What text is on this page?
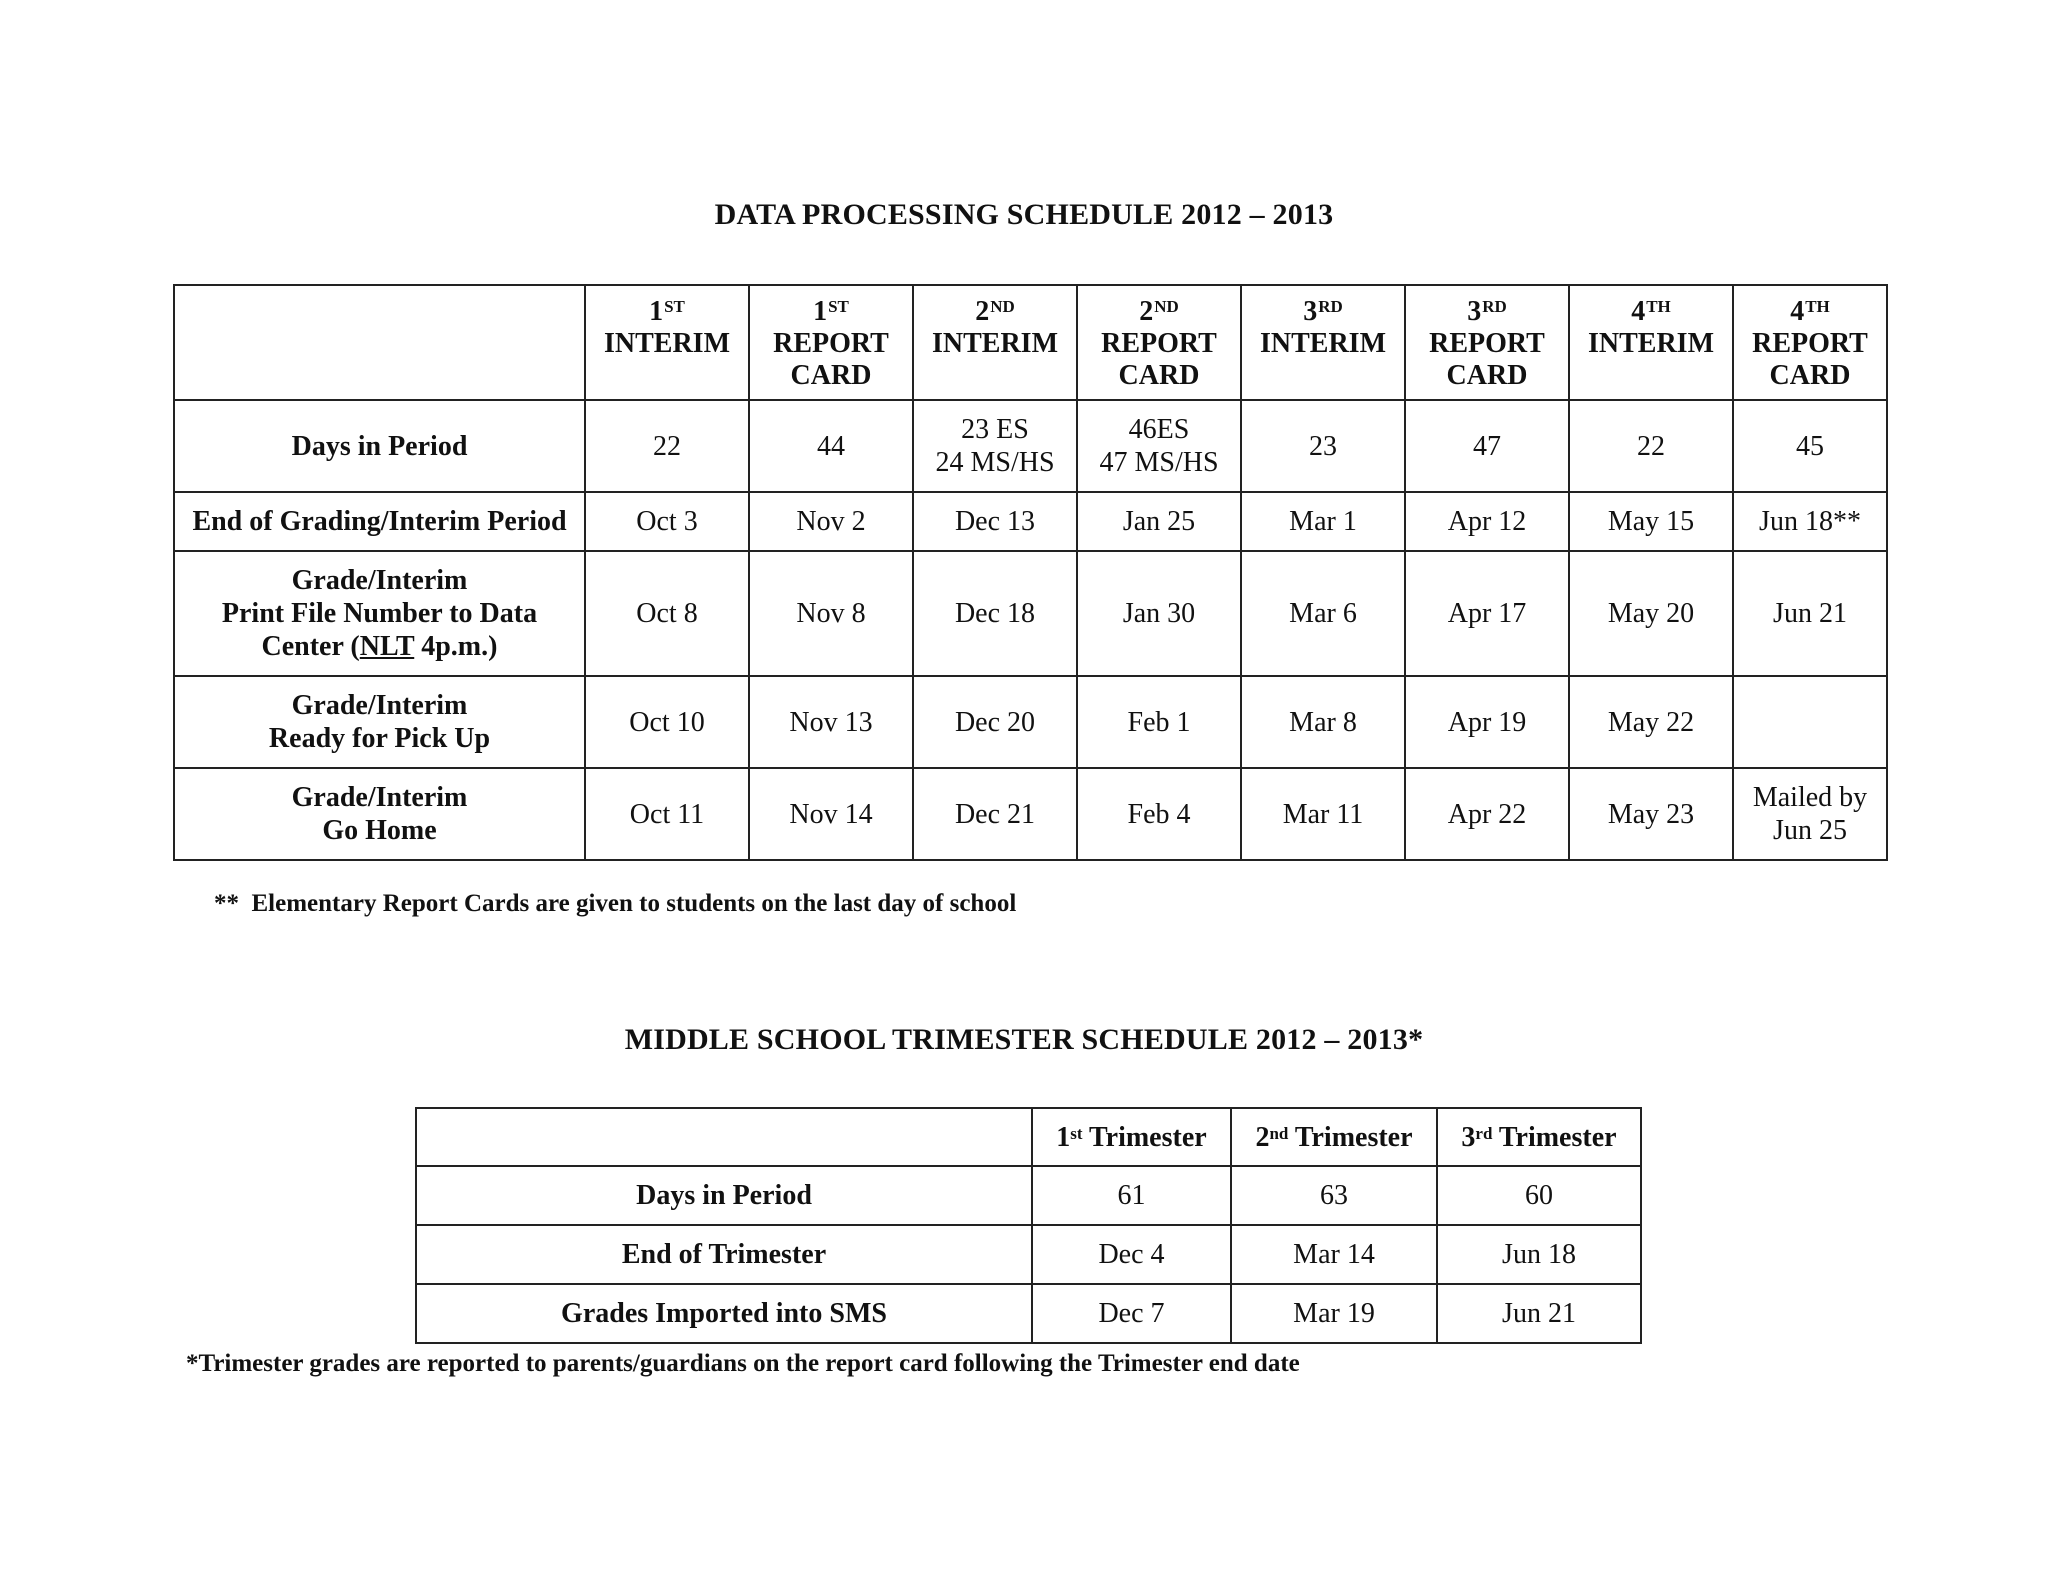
DATA PROCESSING SCHEDULE 2012 – 2013
	1ST
INTERIM	1ST
REPORT
CARD	2ND
INTERIM	2ND
REPORT
CARD	3RD
INTERIM	3RD
REPORT
CARD	4TH
INTERIM	4TH
REPORT
CARD
Days in Period	22	44	23 ES
24 MS/HS	46ES
47 MS/HS	23	47	22	45
End of Grading/Interim Period	Oct 3	Nov 2	Dec 13	Jan 25	Mar 1	Apr 12	May 15	Jun 18**
Grade/Interim
Print File Number to Data
Center (NLT 4p.m.)	Oct 8	Nov 8	Dec 18	Jan 30	Mar 6	Apr 17	May 20	Jun 21
Grade/Interim
Ready for Pick Up	Oct 10	Nov 13	Dec 20	Feb 1	Mar 8	Apr 19	May 22	
Grade/Interim
Go Home	Oct 11	Nov 14	Dec 21	Feb 4	Mar 11	Apr 22	May 23	Mailed by
Jun 25
**  Elementary Report Cards are given to students on the last day of school
MIDDLE SCHOOL TRIMESTER SCHEDULE 2012 – 2013*
	1st Trimester	2nd Trimester	3rd Trimester
Days in Period	61	63	60
End of Trimester	Dec 4	Mar 14	Jun 18
Grades Imported into SMS	Dec 7	Mar 19	Jun 21
*Trimester grades are reported to parents/guardians on the report card following the Trimester end date
